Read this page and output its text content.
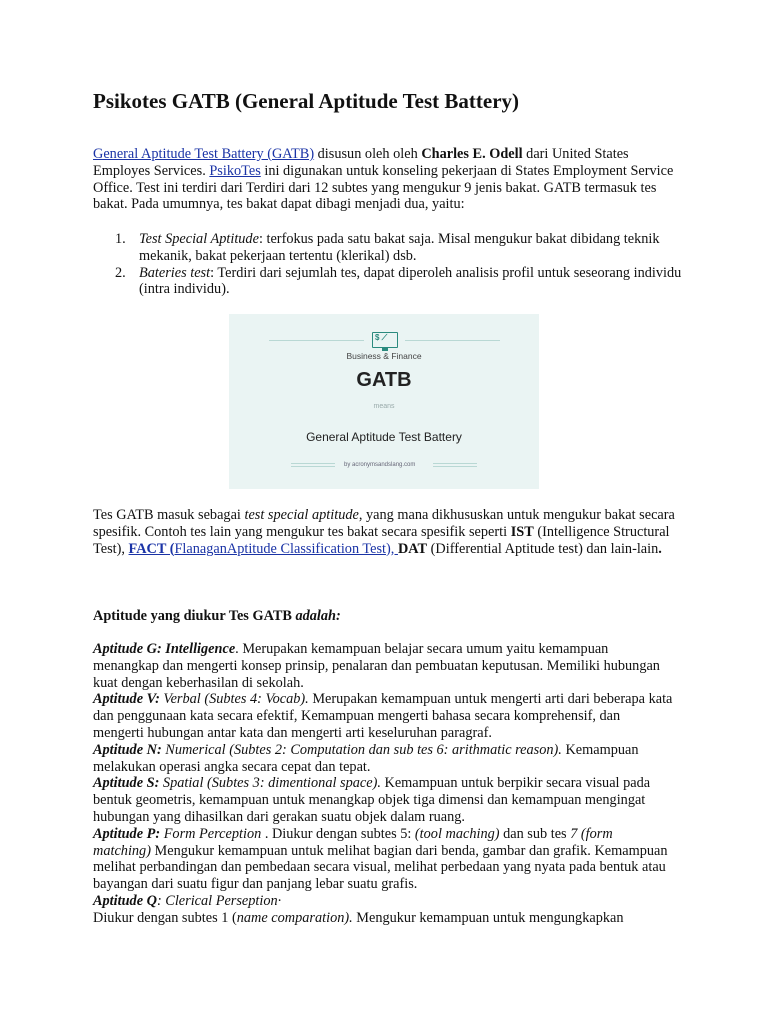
Psikotes GATB (General Aptitude Test Battery)

General Aptitude Test Battery (GATB) disusun oleh oleh Charles E. Odell dari United States Employes Services. PsikoTes ini digunakan untuk konseling pekerjaan di States Employment Service Office. Test ini terdiri dari Terdiri dari 12 subtes yang mengukur 9 jenis bakat. GATB termasuk tes bakat. Pada umumnya, tes bakat dapat dibagi menjadi dua, yaitu:

1. Test Special Aptitude: terfokus pada satu bakat saja. Misal mengukur bakat dibidang teknik mekanik, bakat pekerjaan tertentu (klerikal) dsb.
2. Bateries test: Terdiri dari sejumlah tes, dapat diperoleh analisis profil untuk seseorang individu (intra individu).
$ ⟋
Business & Finance
GATB
means
General Aptitude Test Battery
by acronymsandslang.com

Tes GATB masuk sebagai test special aptitude, yang mana dikhususkan untuk mengukur bakat secara spesifik. Contoh tes lain yang mengukur tes bakat secara spesifik seperti IST (Intelligence Structural Test), FACT (FlanaganAptitude Classification Test), DAT (Differential Aptitude test) dan lain-lain.

Aptitude yang diukur Tes GATB adalah:

Aptitude G: Intelligence. Merupakan kemampuan belajar secara umum yaitu kemampuan menangkap dan mengerti konsep prinsip, penalaran dan pembuatan keputusan. Memiliki hubungan kuat dengan keberhasilan di sekolah.

Aptitude V: Verbal (Subtes 4: Vocab). Merupakan kemampuan untuk mengerti arti dari beberapa kata dan penggunaan kata secara efektif, Kemampuan mengerti bahasa secara komprehensif, dan mengerti hubungan antar kata dan mengerti arti keseluruhan paragraf.

Aptitude N: Numerical (Subtes 2: Computation dan sub tes 6: arithmatic reason). Kemampuan melakukan operasi angka secara cepat dan tepat.

Aptitude S: Spatial (Subtes 3: dimentional space). Kemampuan untuk berpikir secara visual pada bentuk geometris, kemampuan untuk menangkap objek tiga dimensi dan kemampuan mengingat hubungan yang dihasilkan dari gerakan suatu objek dalam ruang.

Aptitude P: Form Perception . Diukur dengan subtes 5: (tool maching) dan sub tes 7 (form matching) Mengukur kemampuan untuk melihat bagian dari benda, gambar dan grafik. Kemampuan melihat perbandingan dan pembedaan secara visual, melihat perbedaan yang nyata pada bentuk atau bayangan dari suatu figur dan panjang lebar suatu grafis.

Aptitude Q: Clerical Perseption·

Diukur dengan subtes 1 (name comparation). Mengukur kemampuan untuk mengungkapkan
